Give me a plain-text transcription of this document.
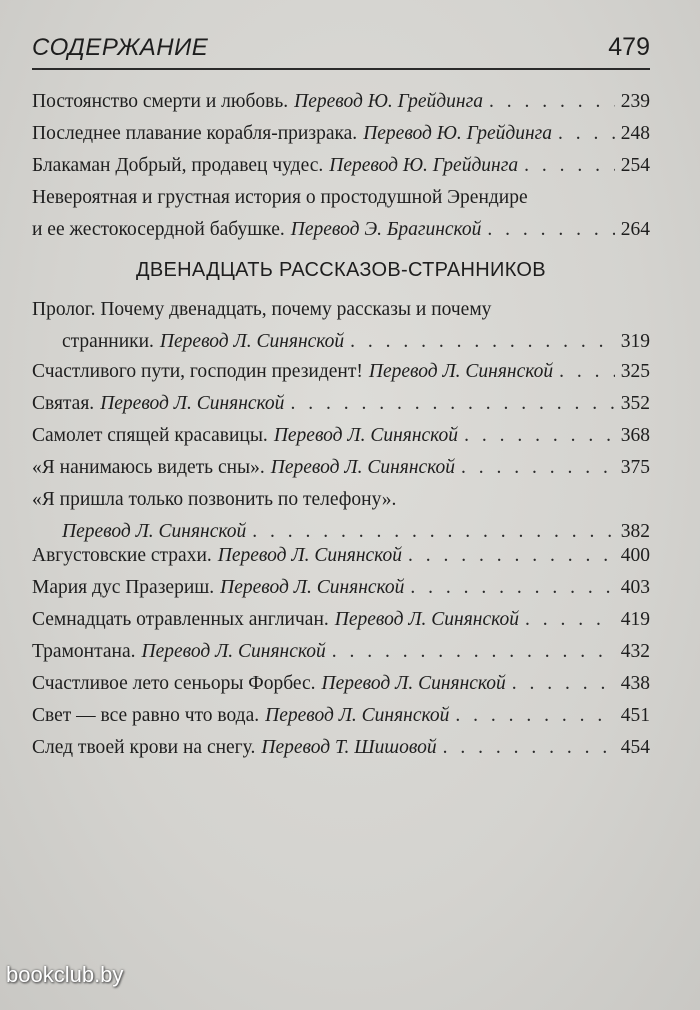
СОДЕРЖАНИЕ	479
Постоянство смерти и любовь. Перевод Ю. Грейдинга . . .	239
Последнее плавание корабля-призрака. Перевод Ю. Грейдинга . . .	248
Блакаман Добрый, продавец чудес. Перевод Ю. Грейдинга . . .	254
Невероятная и грустная история о простодушной Эрендире
и ее жестокосердной бабушке. Перевод Э. Брагинской . . .	264
ДВЕНАДЦАТЬ РАССКАЗОВ-СТРАННИКОВ
Пролог. Почему двенадцать, почему рассказы и почему
странники. Перевод Л. Синянской . . .	319
Счастливого пути, господин президент! Перевод Л. Синянской . . .	325
Святая. Перевод Л. Синянской . . .	352
Самолет спящей красавицы. Перевод Л. Синянской . . .	368
«Я нанимаюсь видеть сны». Перевод Л. Синянской . . .	375
«Я пришла только позвонить по телефону».
Перевод Л. Синянской . . .	382
Августовские страхи. Перевод Л. Синянской . . .	400
Мария дус Празериш. Перевод Л. Синянской . . .	403
Семнадцать отравленных англичан. Перевод Л. Синянской . . .	419
Трамонтана. Перевод Л. Синянской . . .	432
Счастливое лето сеньоры Форбес. Перевод Л. Синянской . . .	438
Свет — все равно что вода. Перевод Л. Синянской . . .	451
След твоей крови на снегу. Перевод Т. Шишовой . . .	454
bookclub.by
